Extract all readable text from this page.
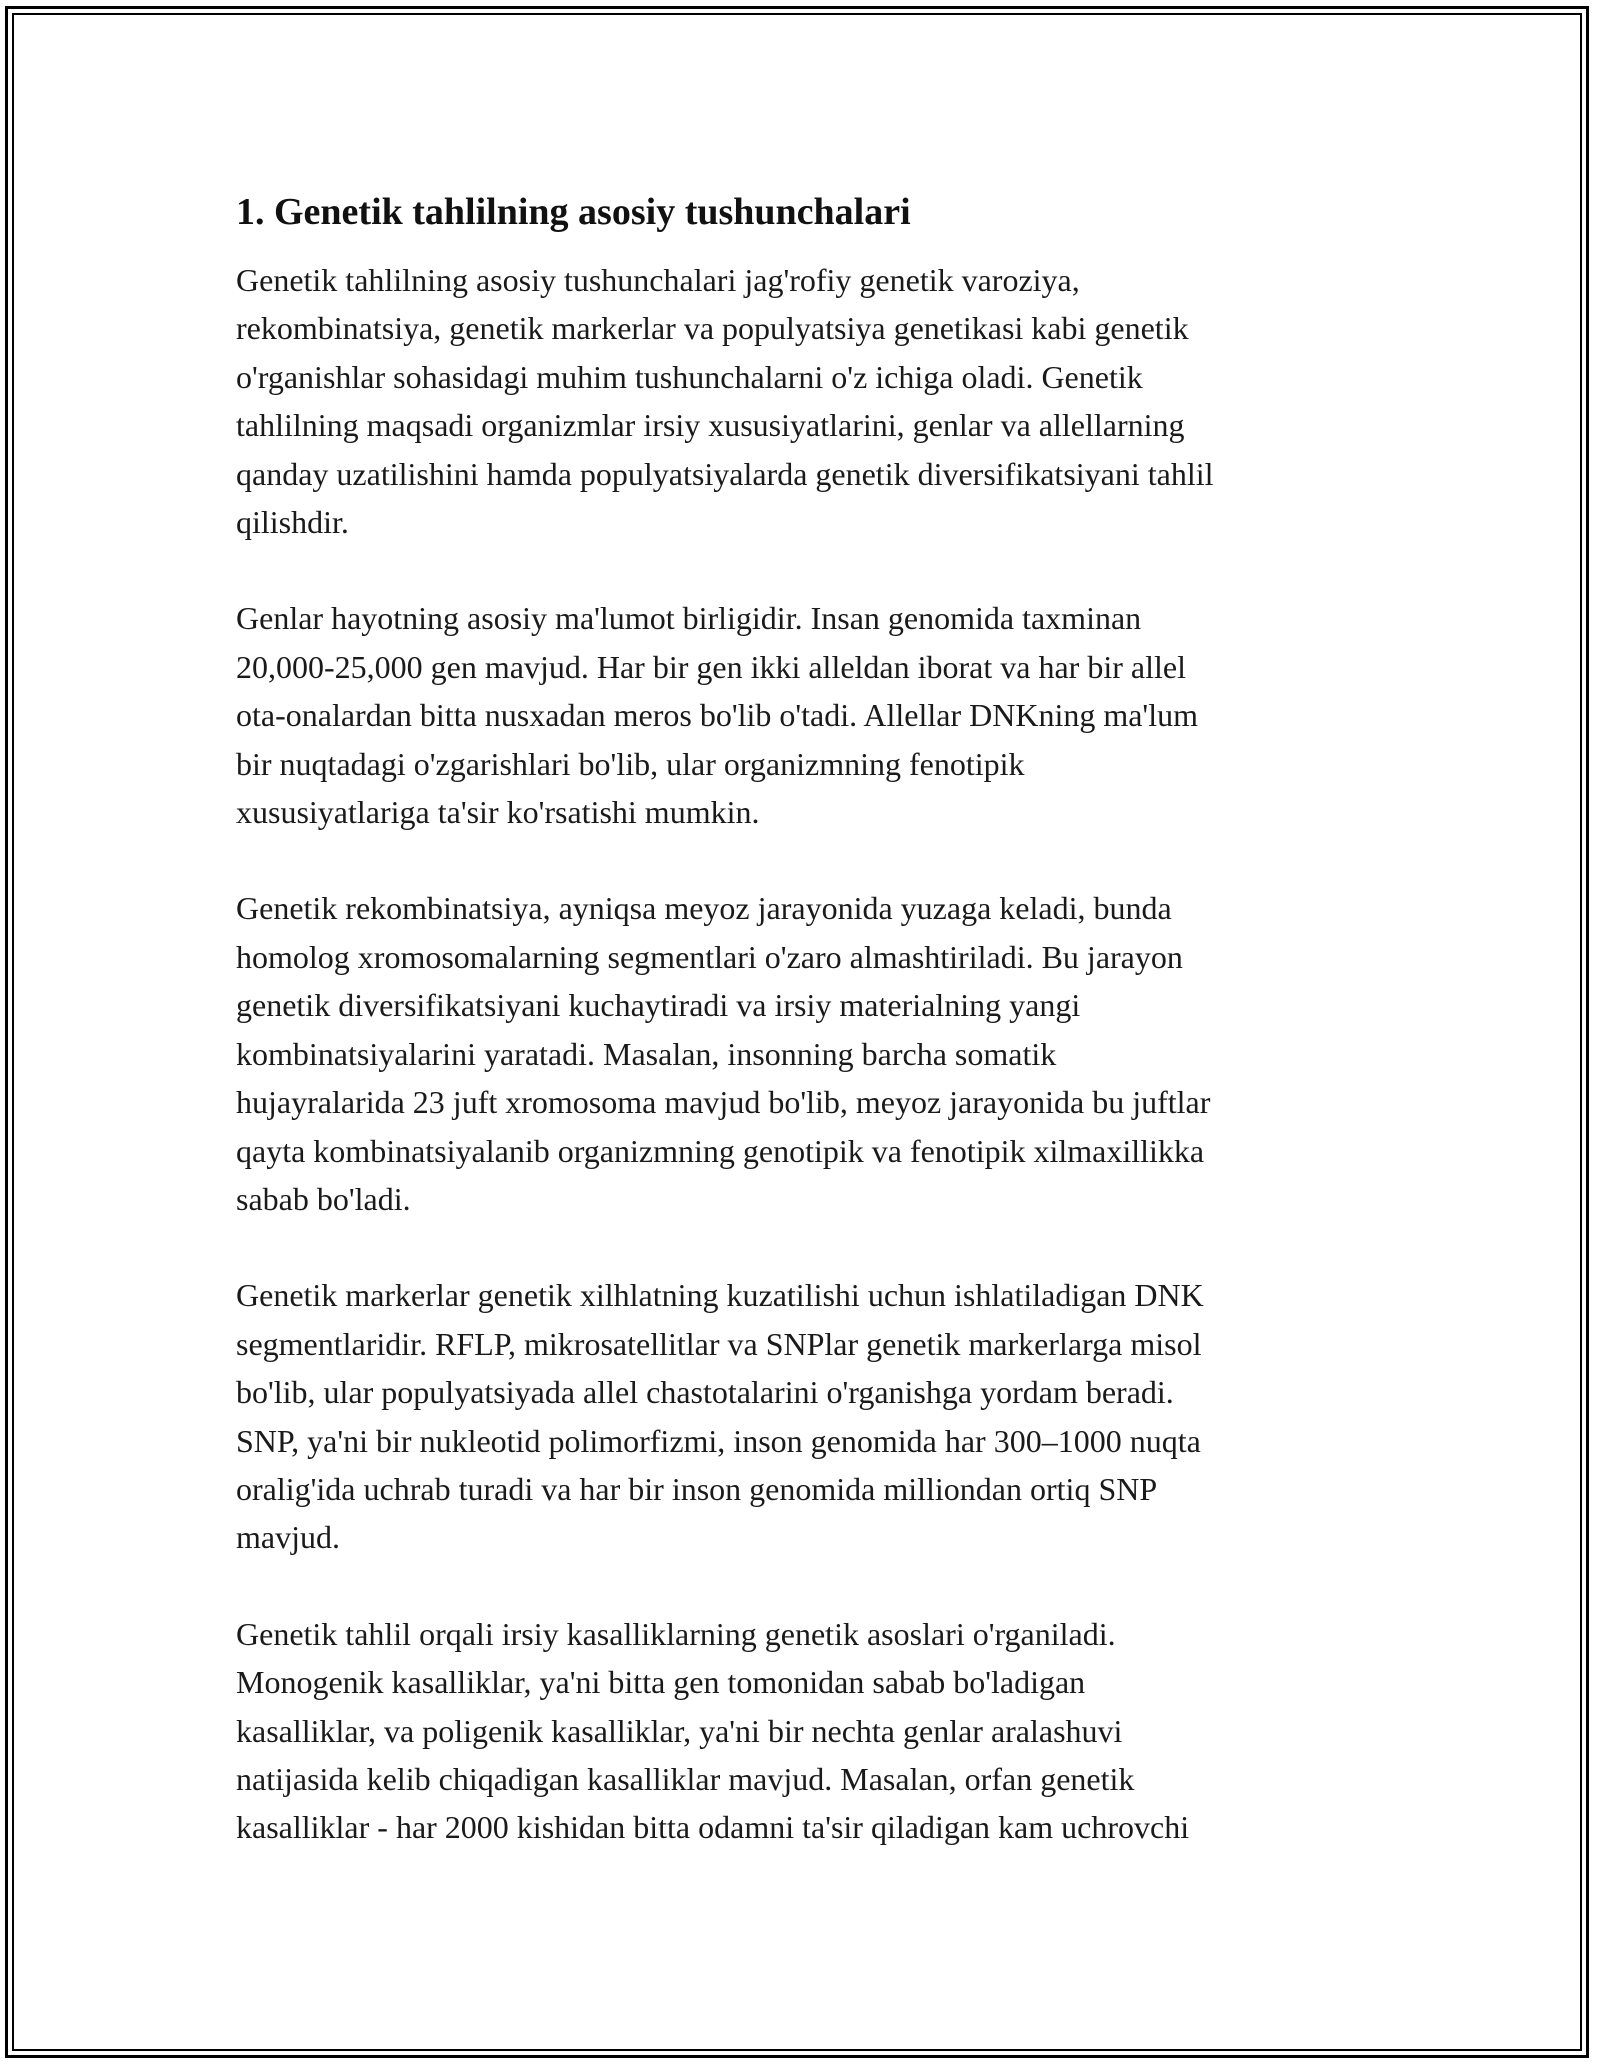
1. Genetik tahlilning asosiy tushunchalari

Genetik tahlilning asosiy tushunchalari jag'rofiy genetik varoziya,
rekombinatsiya, genetik markerlar va populyatsiya genetikasi kabi genetik
o'rganishlar sohasidagi muhim tushunchalarni o'z ichiga oladi. Genetik
tahlilning maqsadi organizmlar irsiy xususiyatlarini, genlar va allellarning
qanday uzatilishini hamda populyatsiyalarda genetik diversifikatsiyani tahlil
qilishdir.

Genlar hayotning asosiy ma'lumot birligidir. Insan genomida taxminan
20,000-25,000 gen mavjud. Har bir gen ikki alleldan iborat va har bir allel
ota-onalardan bitta nusxadan meros bo'lib o'tadi. Allellar DNKning ma'lum
bir nuqtadagi o'zgarishlari bo'lib, ular organizmning fenotipik
xususiyatlariga ta'sir ko'rsatishi mumkin.

Genetik rekombinatsiya, ayniqsa meyoz jarayonida yuzaga keladi, bunda
homolog xromosomalarning segmentlari o'zaro almashtiriladi. Bu jarayon
genetik diversifikatsiyani kuchaytiradi va irsiy materialning yangi
kombinatsiyalarini yaratadi. Masalan, insonning barcha somatik
hujayralarida 23 juft xromosoma mavjud bo'lib, meyoz jarayonida bu juftlar
qayta kombinatsiyalanib organizmning genotipik va fenotipik xilmaxillikka
sabab bo'ladi.

Genetik markerlar genetik xilhlatning kuzatilishi uchun ishlatiladigan DNK
segmentlaridir. RFLP, mikrosatellitlar va SNPlar genetik markerlarga misol
bo'lib, ular populyatsiyada allel chastotalarini o'rganishga yordam beradi.
SNP, ya'ni bir nukleotid polimorfizmi, inson genomida har 300–1000 nuqta
oralig'ida uchrab turadi va har bir inson genomida milliondan ortiq SNP
mavjud.

Genetik tahlil orqali irsiy kasalliklarning genetik asoslari o'rganiladi.
Monogenik kasalliklar, ya'ni bitta gen tomonidan sabab bo'ladigan
kasalliklar, va poligenik kasalliklar, ya'ni bir nechta genlar aralashuvi
natijasida kelib chiqadigan kasalliklar mavjud. Masalan, orfan genetik
kasalliklar - har 2000 kishidan bitta odamni ta'sir qiladigan kam uchrovchi
